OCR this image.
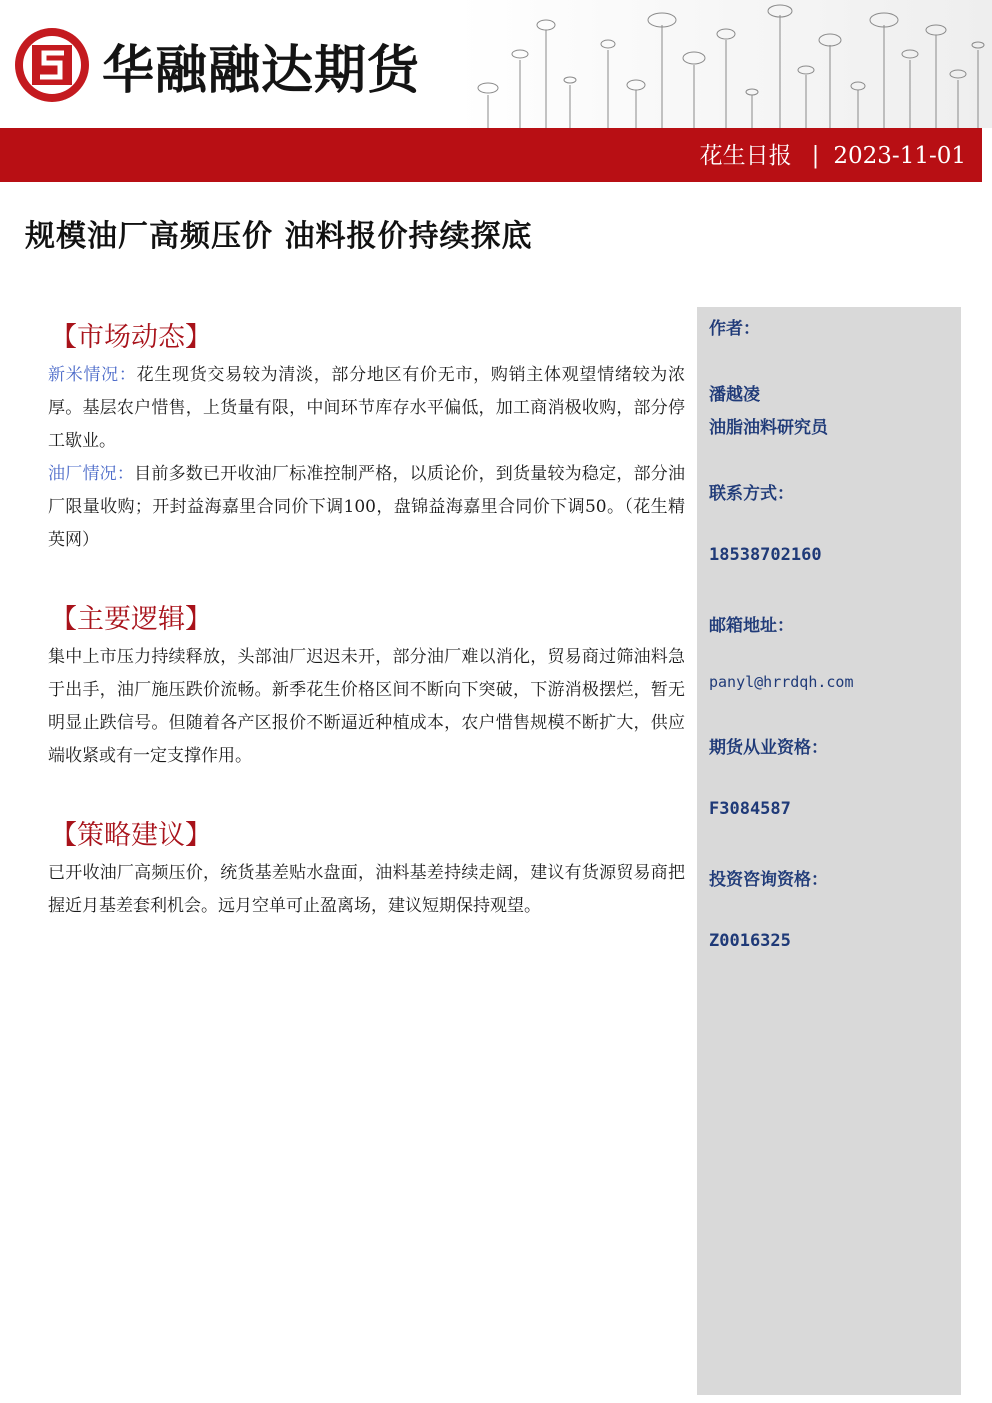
华融融达期货
花生日报 | 2023-11-01
规模油厂高频压价 油料报价持续探底
【市场动态】
新米情况：花生现货交易较为清淡，部分地区有价无市，购销主体观望情绪较为浓厚。基层农户惜售，上货量有限，中间环节库存水平偏低，加工商消极收购，部分停工歇业。
油厂情况：目前多数已开收油厂标准控制严格，以质论价，到货量较为稳定，部分油厂限量收购；开封益海嘉里合同价下调100，盘锦益海嘉里合同价下调50。（花生精英网）
【主要逻辑】
集中上市压力持续释放，头部油厂迟迟未开，部分油厂难以消化，贸易商过筛油料急于出手，油厂施压跌价流畅。新季花生价格区间不断向下突破，下游消极摆烂，暂无明显止跌信号。但随着各产区报价不断逼近种植成本，农户惜售规模不断扩大，供应端收紧或有一定支撑作用。
【策略建议】
已开收油厂高频压价，统货基差贴水盘面，油料基差持续走阔，建议有货源贸易商把握近月基差套利机会。远月空单可止盈离场，建议短期保持观望。
作者：
潘越凌
油脂油料研究员
联系方式：
18538702160
邮箱地址：
panyl@hrrdqh.com
期货从业资格：
F3084587
投资咨询资格：
Z0016325
